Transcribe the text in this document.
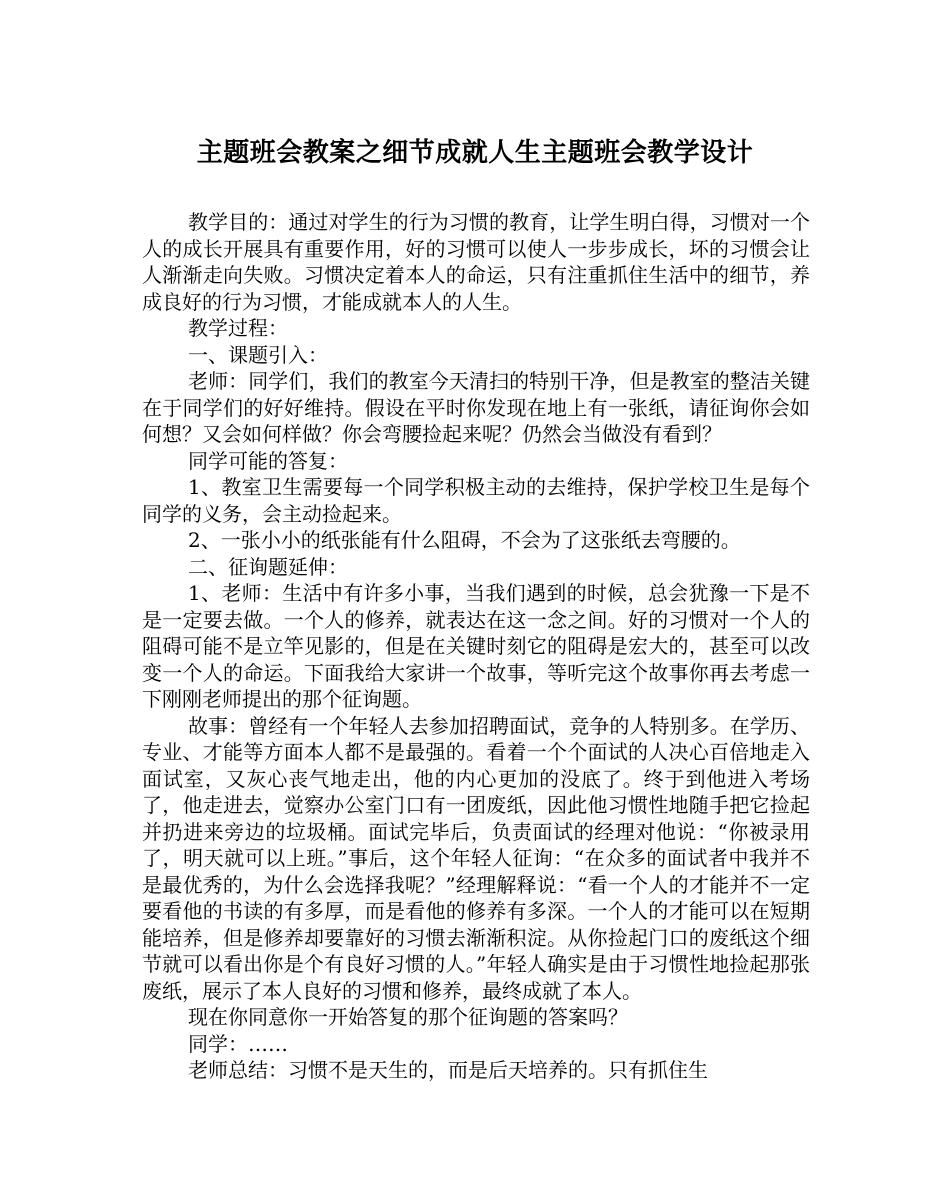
主题班会教案之细节成就人生主题班会教学设计

教学目的：通过对学生的行为习惯的教育，让学生明白得，习惯对一个人的成长开展具有重要作用，好的习惯可以使人一步步成长，坏的习惯会让人渐渐走向失败。习惯决定着本人的命运，只有注重抓住生活中的细节，养成良好的行为习惯，才能成就本人的人生。

教学过程：

一、课题引入：

老师：同学们，我们的教室今天清扫的特别干净，但是教室的整洁关键在于同学们的好好维持。假设在平时你发现在地上有一张纸，请征询你会如何想？又会如何样做？你会弯腰捡起来呢？仍然会当做没有看到？

同学可能的答复：

1、教室卫生需要每一个同学积极主动的去维持，保护学校卫生是每个同学的义务，会主动捡起来。

2、一张小小的纸张能有什么阻碍，不会为了这张纸去弯腰的。

二、征询题延伸：

1、老师：生活中有许多小事，当我们遇到的时候，总会犹豫一下是不是一定要去做。一个人的修养，就表达在这一念之间。好的习惯对一个人的阻碍可能不是立竿见影的，但是在关键时刻它的阻碍是宏大的，甚至可以改变一个人的命运。下面我给大家讲一个故事，等听完这个故事你再去考虑一下刚刚老师提出的那个征询题。

故事：曾经有一个年轻人去参加招聘面试，竞争的人特别多。在学历、专业、才能等方面本人都不是最强的。看着一个个面试的人决心百倍地走入面试室，又灰心丧气地走出，他的内心更加的没底了。终于到他进入考场了，他走进去，觉察办公室门口有一团废纸，因此他习惯性地随手把它捡起并扔进来旁边的垃圾桶。面试完毕后，负责面试的经理对他说：“你被录用了，明天就可以上班。”事后，这个年轻人征询：“在众多的面试者中我并不是最优秀的，为什么会选择我呢？”经理解释说：“看一个人的才能并不一定要看他的书读的有多厚，而是看他的修养有多深。一个人的才能可以在短期能培养，但是修养却要靠好的习惯去渐渐积淀。从你捡起门口的废纸这个细节就可以看出你是个有良好习惯的人。”年轻人确实是由于习惯性地捡起那张废纸，展示了本人良好的习惯和修养，最终成就了本人。

现在你同意你一开始答复的那个征询题的答案吗？

同学：……

老师总结：习惯不是天生的，而是后天培养的。只有抓住生
